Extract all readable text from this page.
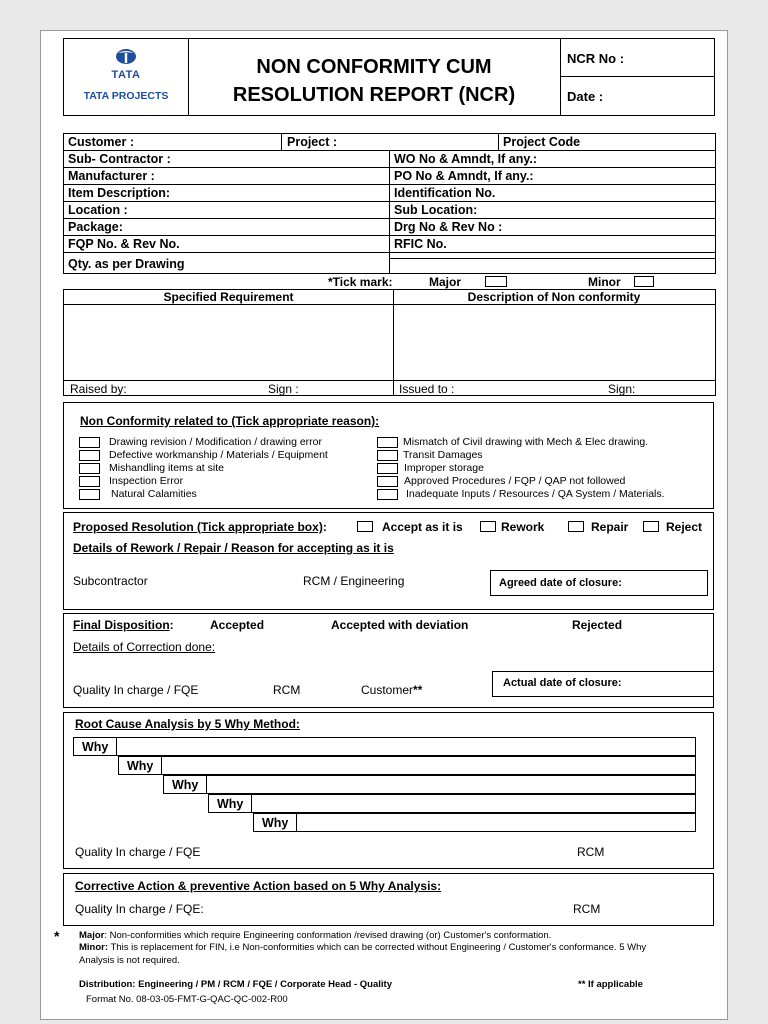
TATA
TATA PROJECTS
NON CONFORMITY CUM
RESOLUTION REPORT (NCR)
NCR No :
Date :
Customer :	Project :	Project Code
Sub- Contractor :	WO No & Amndt, If any.:
Manufacturer :	PO No & Amndt, If any.:
Item Description:	Identification No.
Location :	Sub Location:
Package:	Drg No & Rev No :
FQP No. & Rev No.	RFIC No.
Qty. as per Drawing
*Tick mark:	Major	Minor
Specified Requirement	Description of Non conformity
Raised by:	Sign :	Issued to :	Sign:
Non Conformity related to (Tick appropriate reason):
Drawing revision / Modification / drawing error
Defective workmanship / Materials / Equipment
Mishandling items at site
Inspection Error
Natural Calamities
Mismatch of Civil drawing with Mech & Elec drawing.
Transit Damages
Improper storage
Approved Procedures / FQP / QAP not followed
Inadequate Inputs / Resources / QA System / Materials.
Proposed Resolution (Tick appropriate box):	Accept as it is	Rework	Repair	Reject
Details of Rework / Repair / Reason for accepting as it is
Subcontractor	RCM / Engineering	Agreed date of closure:
Final Disposition:	Accepted	Accepted with deviation	Rejected
Details of Correction done:
Quality In charge / FQE	RCM	Customer**	Actual date of closure:
Root Cause Analysis by 5 Why Method:
Why
Why
Why
Why
Why
Quality In charge / FQE	RCM
Corrective Action & preventive Action based on 5 Why Analysis:
Quality In charge / FQE:	RCM
* Major: Non-conformities which require Engineering conformation /revised drawing (or) Customer's conformation.
Minor: This is replacement for FIN, i.e Non-conformities which can be corrected without Engineering / Customer's conformance. 5 Why Analysis is not required.
Distribution: Engineering / PM / RCM / FQE / Corporate Head - Quality	** If applicable
Format No. 08-03-05-FMT-G-QAC-QC-002-R00
